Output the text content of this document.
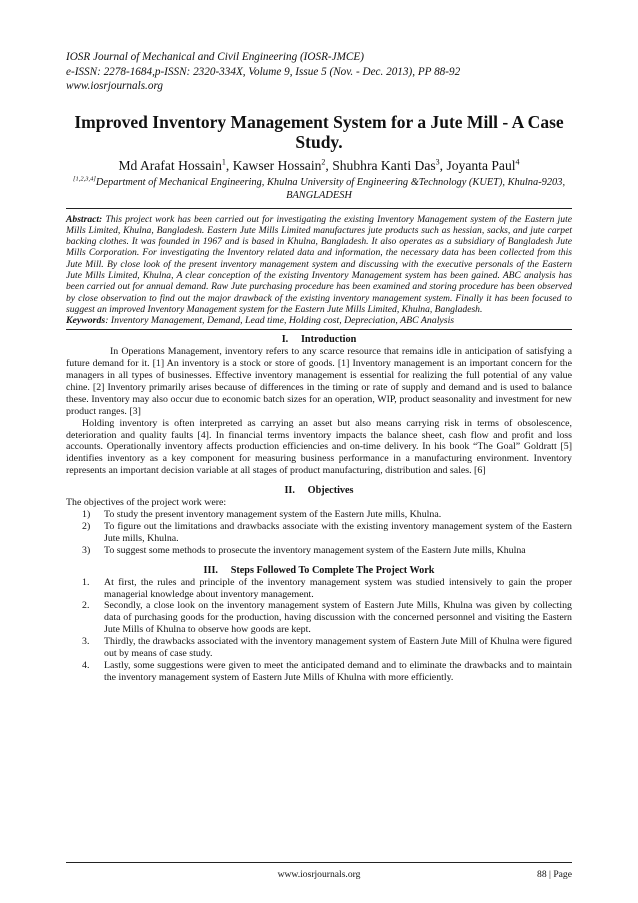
IOSR Journal of Mechanical and Civil Engineering (IOSR-JMCE)
e-ISSN: 2278-1684,p-ISSN: 2320-334X, Volume 9, Issue 5 (Nov. - Dec. 2013), PP 88-92
www.iosrjournals.org
Improved Inventory Management System for a Jute Mill - A Case Study.
Md Arafat Hossain$^1$, Kawser Hossain$^2$, Shubhra Kanti Das$^3$, Joyanta Paul$^4$
[1,2,3,4]Department of Mechanical Engineering, Khulna University of Engineering &Technology (KUET), Khulna-9203, BANGLADESH
Abstract: This project work has been carried out for investigating the existing Inventory Management system of the Eastern jute Mills Limited, Khulna, Bangladesh. Eastern Jute Mills Limited manufactures jute products such as hessian, sacks, and jute carpet backing clothes. It was founded in 1967 and is based in Khulna, Bangladesh. It also operates as a subsidiary of Bangladesh Jute Mills Corporation. For investigating the Inventory related data and information, the necessary data has been collected from this Jute Mill. By close look of the present inventory management system and discussing with the executive personals of the Eastern Jute Mills Limited, Khulna, A clear conception of the existing Inventory Management system has been gained. ABC analysis has been carried out for annual demand. Raw Jute purchasing procedure has been examined and storing procedure has been observed by close observation to find out the major drawback of the existing inventory management system. Finally it has been focused to suggest an improved Inventory Management system for the Eastern Jute Mills Limited, Khulna, Bangladesh.
Keywords: Inventory Management, Demand, Lead time, Holding cost, Depreciation, ABC Analysis
I.     Introduction

In Operations Management, inventory refers to any scarce resource that remains idle in anticipation of satisfying a future demand for it. [1] An inventory is a stock or store of goods. [1] Inventory management is an important concern for the managers in all types of businesses. Effective inventory management is essential for realizing the full potential of any value chine. [2] Inventory primarily arises because of differences in the timing or rate of supply and demand and is used to balance these. Inventory may also occur due to economic batch sizes for an operation, WIP, product seasonality and investment for new product ranges. [3]

Holding inventory is often interpreted as carrying an asset but also means carrying risk in terms of obsolescence, deterioration and quality faults [4]. In financial terms inventory impacts the balance sheet, cash flow and profit and loss accounts. Operationally inventory affects production efficiencies and on-time delivery. In his book “The Goal” Goldratt [5] identifies inventory as a key component for measuring business performance in a manufacturing environment. Inventory represents an important decision variable at all stages of product manufacturing, distribution and sales. [6]

II.     Objectives

The objectives of the project work were:

1) To study the present inventory management system of the Eastern Jute mills, Khulna.
2) To figure out the limitations and drawbacks associate with the existing inventory management system of the Eastern Jute mills, Khulna.
3) To suggest some methods to prosecute the inventory management system of the Eastern Jute mills, Khulna
III.     Steps Followed To Complete The Project Work
1. At first, the rules and principle of the inventory management system was studied intensively to gain the proper managerial knowledge about inventory management.
2. Secondly, a close look on the inventory management system of Eastern Jute Mills, Khulna was given by collecting data of purchasing goods for the production, having discussion with the concerned personnel and visiting the Eastern Jute Mills of Khulna to observe how goods are kept.
3. Thirdly, the drawbacks associated with the inventory management system of Eastern Jute Mill of Khulna were figured out by means of case study.
4. Lastly, some suggestions were given to meet the anticipated demand and to eliminate the drawbacks and to maintain the inventory management system of Eastern Jute Mills of Khulna with more efficiently.
www.iosrjournals.org	88 | Page
